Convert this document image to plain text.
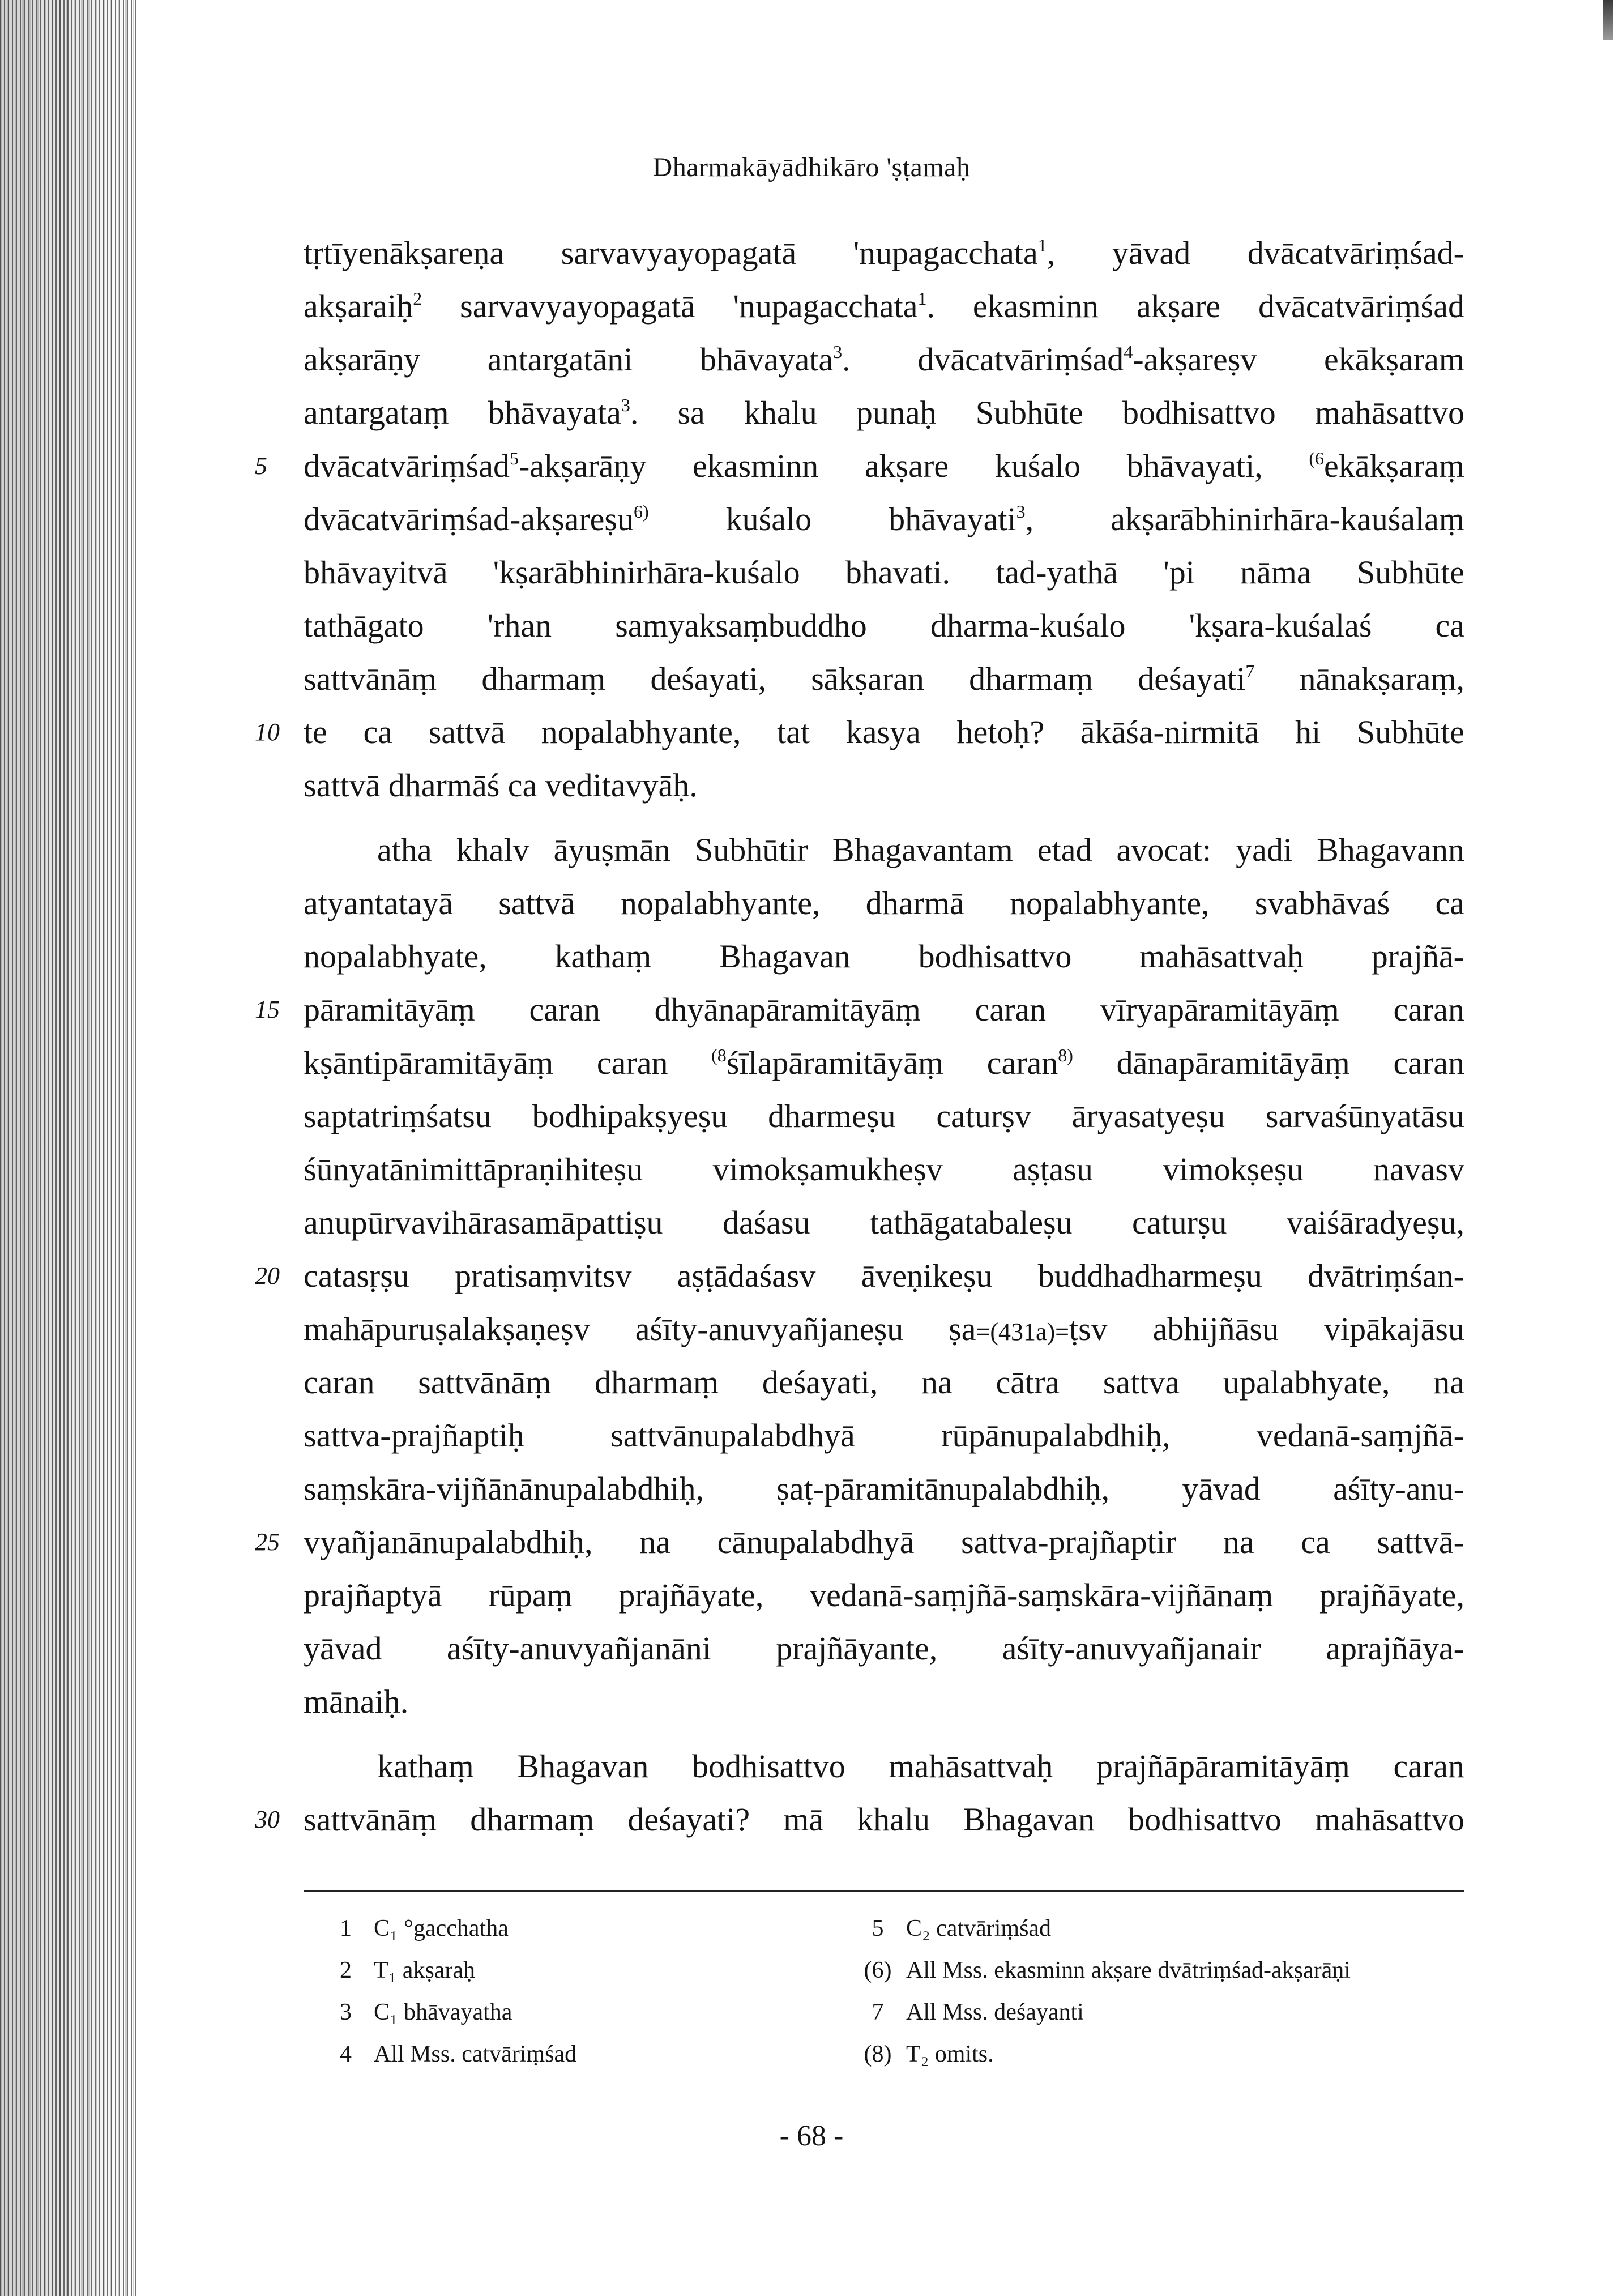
Dharmakāyādhikāro 'ṣṭamaḥ
tṛtīyenākṣareṇa sarvavyayopagatā 'nupagacchata$^1$, yāvad dvācatvāriṃśad-
akṣaraiḥ$^2$ sarvavyayopagatā 'nupagacchata$^1$. ekasminn akṣare dvācatvāriṃśad
akṣarāṇy antargatāni bhāvayata$^3$. dvācatvāriṃśad$^4$-akṣareṣv ekākṣaram
antargataṃ bhāvayata$^3$. sa khalu punaḥ Subhūte bodhisattvo mahāsattvo
5	dvācatvāriṃśad$^5$-akṣarāṇy ekasminn akṣare kuśalo bhāvayati, $^{(6}$ekākṣaraṃ
dvācatvāriṃśad-akṣareṣu$^{6)}$ kuśalo bhāvayati$^3$, akṣarābhinirhāra-kauśalaṃ
bhāvayitvā 'kṣarābhinirhāra-kuśalo bhavati. tad-yathā 'pi nāma Subhūte
tathāgato 'rhan samyaksaṃbuddho dharma-kuśalo 'kṣara-kuśalaś ca
sattvānāṃ dharmaṃ deśayati, sākṣaran dharmaṃ deśayati$^7$ nānakṣaraṃ,
10 te ca sattvā nopalabhyante, tat kasya hetoḥ? ākāśa-nirmitā hi Subhūte
sattvā dharmāś ca veditavyāḥ.
atha khalv āyuṣmān Subhūtir Bhagavantam etad avocat: yadi Bhagavann
atyantatayā sattvā nopalabhyante, dharmā nopalabhyante, svabhāvaś ca
nopalabhyate, kathaṃ Bhagavan bodhisattvo mahāsattvaḥ prajñā-
15 pāramitāyāṃ caran dhyānapāramitāyāṃ caran vīryapāramitāyāṃ caran
kṣāntipāramitāyāṃ caran $^{(8}$śīlapāramitāyāṃ caran$^{8)}$ dānapāramitāyāṃ caran
saptatriṃśatsu bodhipakṣyeṣu dharmeṣu caturṣv āryasatyeṣu sarvaśūnyatāsu
śūnyatānimittāpraṇihiteṣu vimokṣamukheṣv aṣṭasu vimokṣeṣu navasv
anupūrvavihārasamāpattiṣu daśasu tathāgatabaleṣu caturṣu vaiśāradyeṣu,
20 catasṛṣu pratisaṃvitsv aṣṭādaśasv āveṇikeṣu buddhadharmeṣu dvātriṃśan-
mahāpuruṣalakṣaṇeṣv aśīty-anuvyañjaneṣu ṣa=(431a)=ṭsv abhijñāsu vipākajāsu
caran sattvānāṃ dharmaṃ deśayati, na cātra sattva upalabhyate, na
sattva-prajñaptiḥ sattvānupalabdhyā rūpānupalabdhiḥ, vedanā-saṃjñā-
saṃskāra-vijñānānupalabdhiḥ, ṣaṭ-pāramitānupalabdhiḥ, yāvad aśīty-anu-
25 vyañjanānupalabdhiḥ, na cānupalabdhyā sattva-prajñaptir na ca sattvā-
prajñaptyā rūpaṃ prajñāyate, vedanā-saṃjñā-saṃskāra-vijñānaṃ prajñāyate,
yāvad aśīty-anuvyañjanāni prajñāyante, aśīty-anuvyañjanair aprajñāya-
mānaiḥ.
kathaṃ Bhagavan bodhisattvo mahāsattvaḥ prajñāpāramitāyāṃ caran
30 sattvānāṃ dharmaṃ deśayati? mā khalu Bhagavan bodhisattvo mahāsattvo
1 C₁ °gacchatha
2 T₁ akṣaraḥ
3 C₁ bhāvayatha
4 All Mss. catvāriṃśad
5 C₂ catvāriṃśad
(6) All Mss. ekasminn akṣare dvātriṃśad-akṣarāṇi
7 All Mss. deśayanti
(8) T₂ omits.
- 68 -
